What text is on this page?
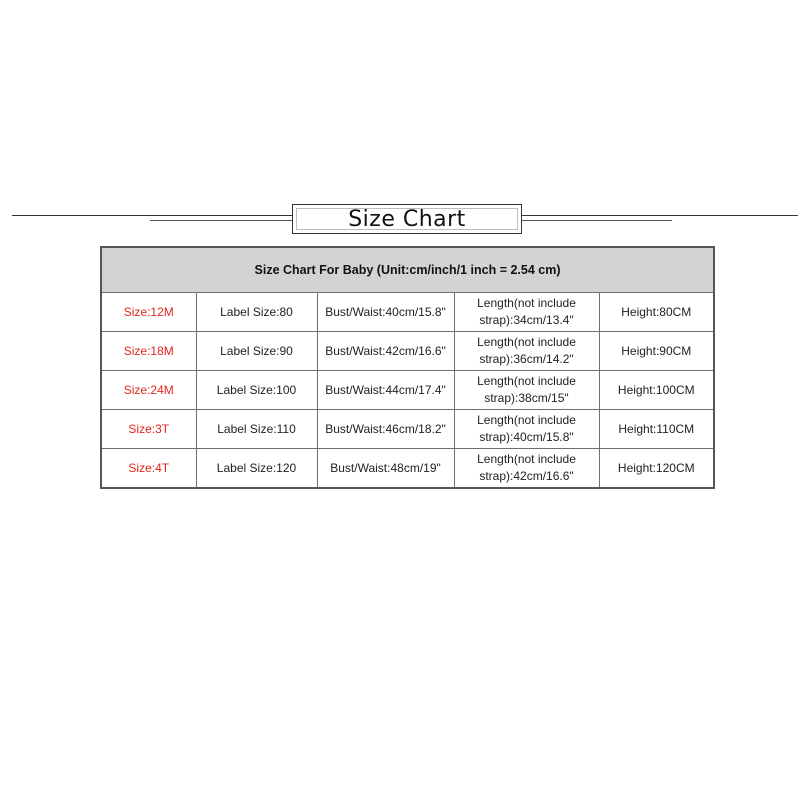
Size Chart
Size Chart For Baby (Unit:cm/inch/1 inch = 2.54 cm)				
Size:12M	Label Size:80	Bust/Waist:40cm/15.8"	Length(not include strap):34cm/13.4"	Height:80CM
Size:18M	Label Size:90	Bust/Waist:42cm/16.6"	Length(not include strap):36cm/14.2"	Height:90CM
Size:24M	Label Size:100	Bust/Waist:44cm/17.4"	Length(not include strap):38cm/15"	Height:100CM
Size:3T	Label Size:110	Bust/Waist:46cm/18.2"	Length(not include strap):40cm/15.8"	Height:110CM
Size:4T	Label Size:120	Bust/Waist:48cm/19"	Length(not include strap):42cm/16.6"	Height:120CM
